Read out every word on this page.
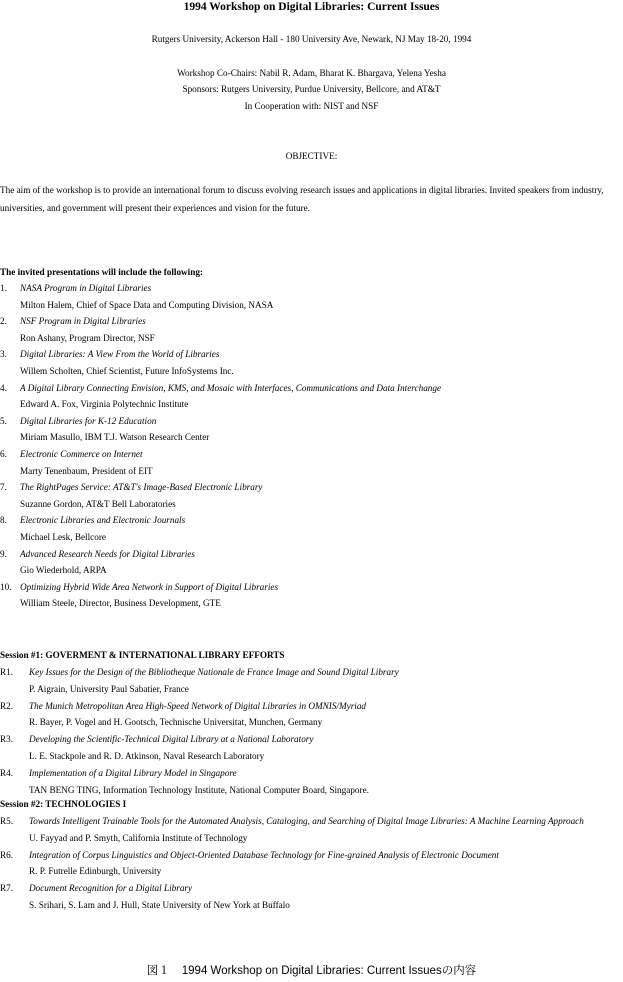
1994 Workshop on Digital Libraries: Current Issues
Rutgers University, Ackerson Hall - 180 University Ave, Newark, NJ May 18-20, 1994
Workshop Co-Chairs: Nabil R. Adam, Bharat K. Bhargava, Yelena Yesha
Sponsors: Rutgers University, Purdue University, Bellcore, and AT&T
In Cooperation with: NIST and NSF
OBJECTIVE:
The aim of the workshop is to provide an international forum to discuss evolving research issues and applications in digital libraries. Invited speakers from industry, universities, and government will present their experiences and vision for the future.
The invited presentations will include the following:
1.	NASA Program in Digital Libraries
Milton Halem, Chief of Space Data and Computing Division, NASA
2.	NSF Program in Digital Libraries
Ron Ashany, Program Director, NSF
3.	Digital Libraries: A View From the World of Libraries
Willem Scholten, Chief Scientist, Future InfoSystems Inc.
4.	A Digital Library Connecting Envision, KMS, and Mosaic with Interfaces, Communications and Data Interchange
Edward A. Fox, Virginia Polytechnic Institute
5.	Digital Libraries for K-12 Education
Miriam Masullo, IBM T.J. Watson Research Center
6.	Electronic Commerce on Internet
Marty Tenenbaum, President of EIT
7.	The RightPages Service: AT&T's Image-Based Electronic Library
Suzanne Gordon, AT&T Bell Laboratories
8.	Electronic Libraries and Electronic Journals
Michael Lesk, Bellcore
9.	Advanced Research Needs for Digital Libraries
Gio Wiederhold, ARPA
10. Optimizing Hybrid Wide Area Network in Support of Digital Libraries
William Steele, Director, Business Development, GTE
Session #1: GOVERMENT & INTERNATIONAL LIBRARY EFFORTS
R1.	Key Issues for the Design of the Bibliotheque Nationale de France Image and Sound Digital Library
P. Aigrain, University Paul Sabatier, France
R2.	The Munich Metropolitan Area High-Speed Network of Digital Libraries in OMNIS/Myriad
R. Bayer, P. Vogel and H. Gootsch, Technische Universitat, Munchen, Germany
R3.	Developing the Scientific-Technical Digital Library at a National Laboratory
L. E. Stackpole and R. D. Atkinson, Naval Research Laboratory
R4.	Implementation of a Digital Library Model in Singapore
TAN BENG TING, Information Technology Institute, National Computer Board, Singapore.
Session #2: TECHNOLOGIES I
R5.	Towards Intelligent Trainable Tools for the Automated Analysis, Cataloging, and Searching of Digital Image Libraries: A Machine Learning Approach
U. Fayyad and P. Smyth, California Institute of Technology
R6.	Integration of Corpus Linguistics and Object-Oriented Database Technology for Fine-grained Analysis of Electronic Document
R. P. Futrelle Edinburgh, University
R7.	Document Recognition for a Digital Library
S. Srihari, S. Lam and J. Hull, State University of New York at Buffalo
図１ 1994 Workshop on Digital Libraries: Current Issuesの内容
